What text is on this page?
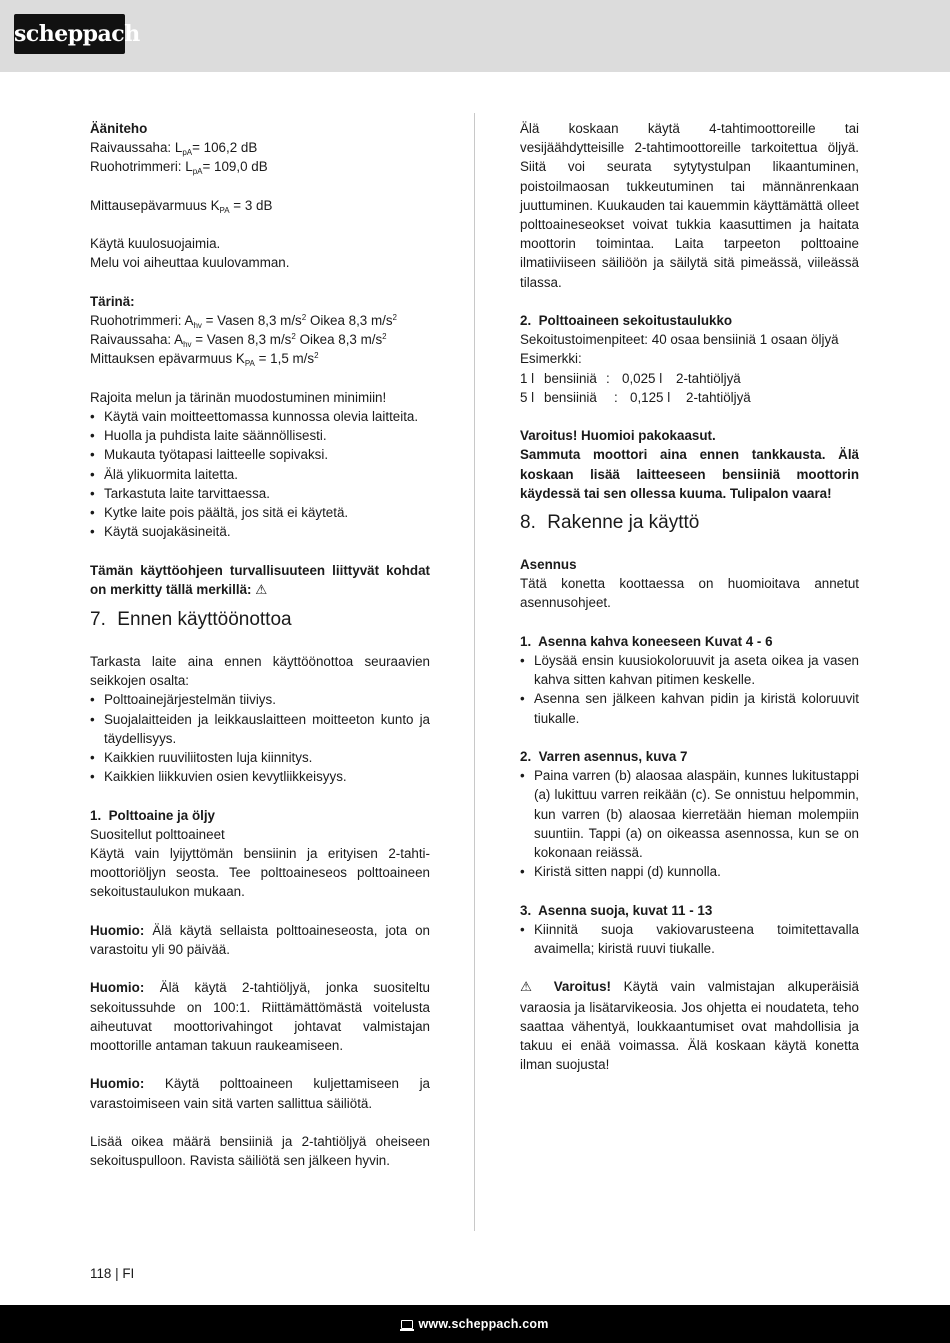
scheppach

Äänitehо

Raivaussaha: $L_{pA}= 106,2$ dB

Ruohotrimmeri: $L_{pA}= 109,0$ dB

Mittausepävarmuus $K_{PA} = 3$ dB

Käytä kuulosuojaimia.

Melu voi aiheuttaa kuulovamman.

Tärinä:

Ruohotrimmeri: $A_{hv}$ = Vasen 8,3 $m/s^2$ Oikea 8,3 $m/s^2$

Raivaussaha: $A_{hv}$ = Vasen 8,3 $m/s^2$ Oikea 8,3 $m/s^2$

Mittauksen epävarmuus $K_{PA} = 1,5$ $m/s^2$

Rajoita melun ja tärinän muodostuminen minimiin!

• Käytä vain moitteettomassa kunnossa olevia laitteita.
• Huolla ja puhdista laite säännöllisesti.
• Mukauta työtapasi laitteelle sopivaksi.
• Älä ylikuormita laitetta.
• Tarkastuta laite tarvittaessa.
• Kytke laite pois päältä, jos sitä ei käytetä.
• Käytä suojakäsineitä.

Tämän käyttöohjeen turvallisuuteen liittyvät kohdat on merkitty tällä merkillä: ⚠

7. Ennen käyttöönottoa

Tarkasta laite aina ennen käyttöönottoa seuraavien seikkojen osalta:

• Polttoainejärjestelmän tiiviys.
• Suojalaitteiden ja leikkauslaitteen moitteeton kunto ja täydellisyys.
• Kaikkien ruuviliitosten luja kiinnitys.
• Kaikkien liikkuvien osien kevytliikkeisyys.

1.  Polttoaine ja öljy

Suositellut polttoaineet

Käytä vain lyijyttömän bensiinin ja erityisen 2-tahti-moottoriöljyn seosta. Tee polttoaineseos polttoaineen sekoitustaulukon mukaan.

Huomio: Älä käytä sellaista polttoaineseosta, jota on varastoitu yli 90 päivää.

Huomio: Älä käytä 2-tahtiöljyä, jonka suositeltu sekoitussuhde on 100:1. Riittämättömästä voitelusta aiheutuvat moottorivahingot johtavat valmistajan moottorille antaman takuun raukeamiseen.

Huomio: Käytä polttoaineen kuljettamiseen ja varastoimiseen vain sitä varten sallittua säiliötä.

Lisää oikea määrä bensiiniä ja 2-tahtiöljyä oheiseen sekoituspulloon. Ravista säiliötä sen jälkeen hyvin.

Älä koskaan käytä 4-tahtimoottoreille tai vesijäähdytteisille 2-tahtimoottoreille tarkoitettua öljyä. Siitä voi seurata sytytystulpan likaantuminen, poistoilmaosan tukkeutuminen tai männänrenkaan juuttuminen. Kuukauden tai kauemmin käyttämättä olleet polttoaineseokset voivat tukkia kaasuttimen ja haitata moottorin toimintaa. Laita tarpeeton polttoaine ilmatiiviiseen säiliöön ja säilytä sitä pimeässä, viileässä tilassa.

2.  Polttoaineen sekoitustaulukko

Sekoitustoimenpiteet: 40 osaa bensiiniä 1 osaan öljyä

Esimerkki:

1 l bensiiniä : 0,025 l 2-tahtiöljyä
5 l bensiiniä : 0,125 l 2-tahtiöljyä

Varoitus! Huomioi pakokaasut.

Sammuta moottori aina ennen tankkausta. Älä koskaan lisää laitteeseen bensiiniä moottorin käydessä tai sen ollessa kuuma. Tulipalon vaara!

8. Rakenne ja käyttö

Asennus

Tätä konetta koottaessa on huomioitava annetut asennusohjeet.

1.  Asenna kahva koneeseen Kuvat 4 - 6

• Löysää ensin kuusiokoloruuvit ja aseta oikea ja vasen kahva sitten kahvan pitimen keskelle.
• Asenna sen jälkeen kahvan pidin ja kiristä koloruuvit tiukalle.

2.  Varren asennus, kuva 7

• Paina varren (b) alaosaa alaspäin, kunnes lukitustappi (a) lukittuu varren reikään (c). Se onnistuu helpommin, kun varren (b) alaosaa kierretään hieman molempiin suuntiin. Tappi (a) on oikeassa asennossa, kun se on kokonaan reiässä.
• Kiristä sitten nappi (d) kunnolla.

3.  Asenna suoja, kuvat 11 - 13

• Kiinnitä suoja vakiovarusteena toimitettavalla avaimella; kiristä ruuvi tiukalle.

⚠ Varoitus! Käytä vain valmistajan alkuperäisiä varaosia ja lisätarvikeosia. Jos ohjetta ei noudateta, teho saattaa vähentyä, loukkaantumiset ovat mahdollisia ja takuu ei enää voimassa. Älä koskaan käytä konetta ilman suojusta!

118 | FI
www.scheppach.com
